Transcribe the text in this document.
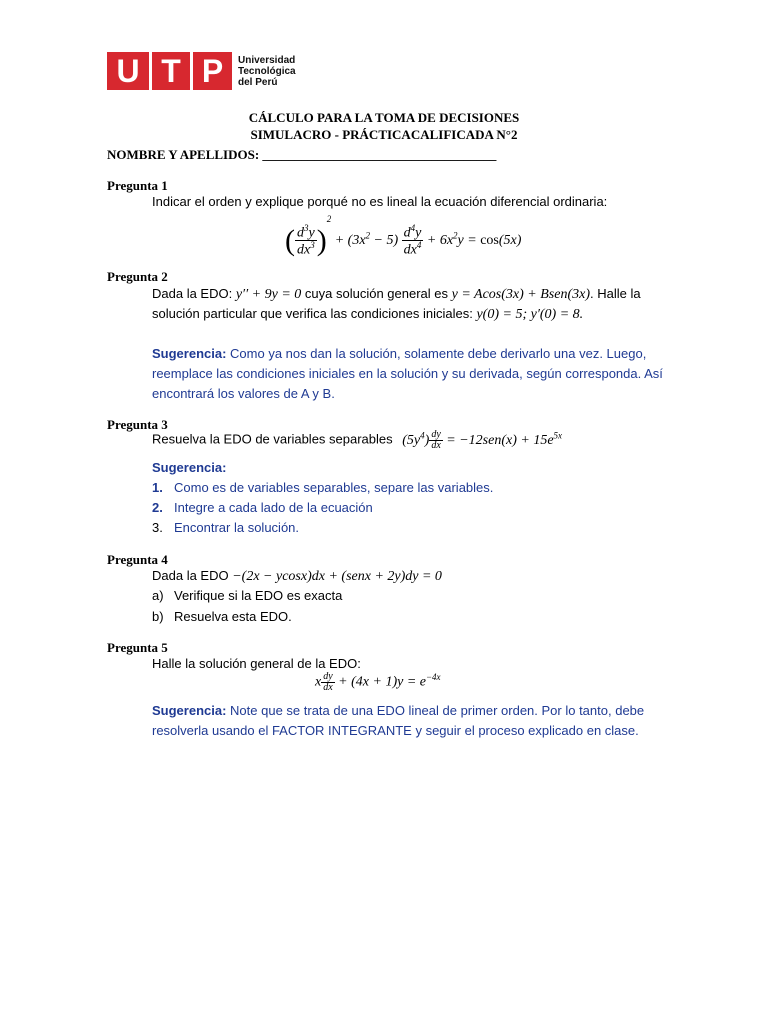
U T P	Universidad
Tecnológica
del Perú
CÁLCULO PARA LA TOMA DE DECISIONES
SIMULACRO - PRÁCTICACALIFICADA N°2
NOMBRE Y APELLIDOS: ____________________________________
Pregunta 1
Indicar el orden y explique porqué no es lineal la ecuación diferencial ordinaria:
( $\frac{d^3y}{dx^3} )^2 + (3x^2 - 5) \frac{d^4y}{dx^4} + 6x^2y = \cos(5x)$
Pregunta 2
Dada la EDO: y′′ + 9y = 0 cuya solución general es y = Acos(3x) + Bsen(3x). Halle la
solución particular que verifica las condiciones iniciales: y(0) = 5; y′(0) = 8.
Sugerencia: Como ya nos dan la solución, solamente debe derivarlo una vez. Luego,
reemplace las condiciones iniciales en la solución y su derivada, según corresponda. Así
encontrará los valores de A y B.
Pregunta 3
Resuelva la EDO de variables separables $(5y^4) \frac{dy}{dx} = -12sen(x) + 15e^{5x}$
Sugerencia:
1. Como es de variables separables, separe las variables.
2. Integre a cada lado de la ecuación
3. Encontrar la solución.
Pregunta 4
Dada la EDO −(2x − ycosx)dx + (senx + 2y)dy = 0
a) Verifique si la EDO es exacta
b) Resuelva esta EDO.
Pregunta 5
Halle la solución general de la EDO:
x $\frac{dy}{dx} + (4x + 1)y = e^{-4x}$
Sugerencia: Note que se trata de una EDO lineal de primer orden. Por lo tanto, debe
resolverla usando el FACTOR INTEGRANTE y seguir el proceso explicado en clase.
